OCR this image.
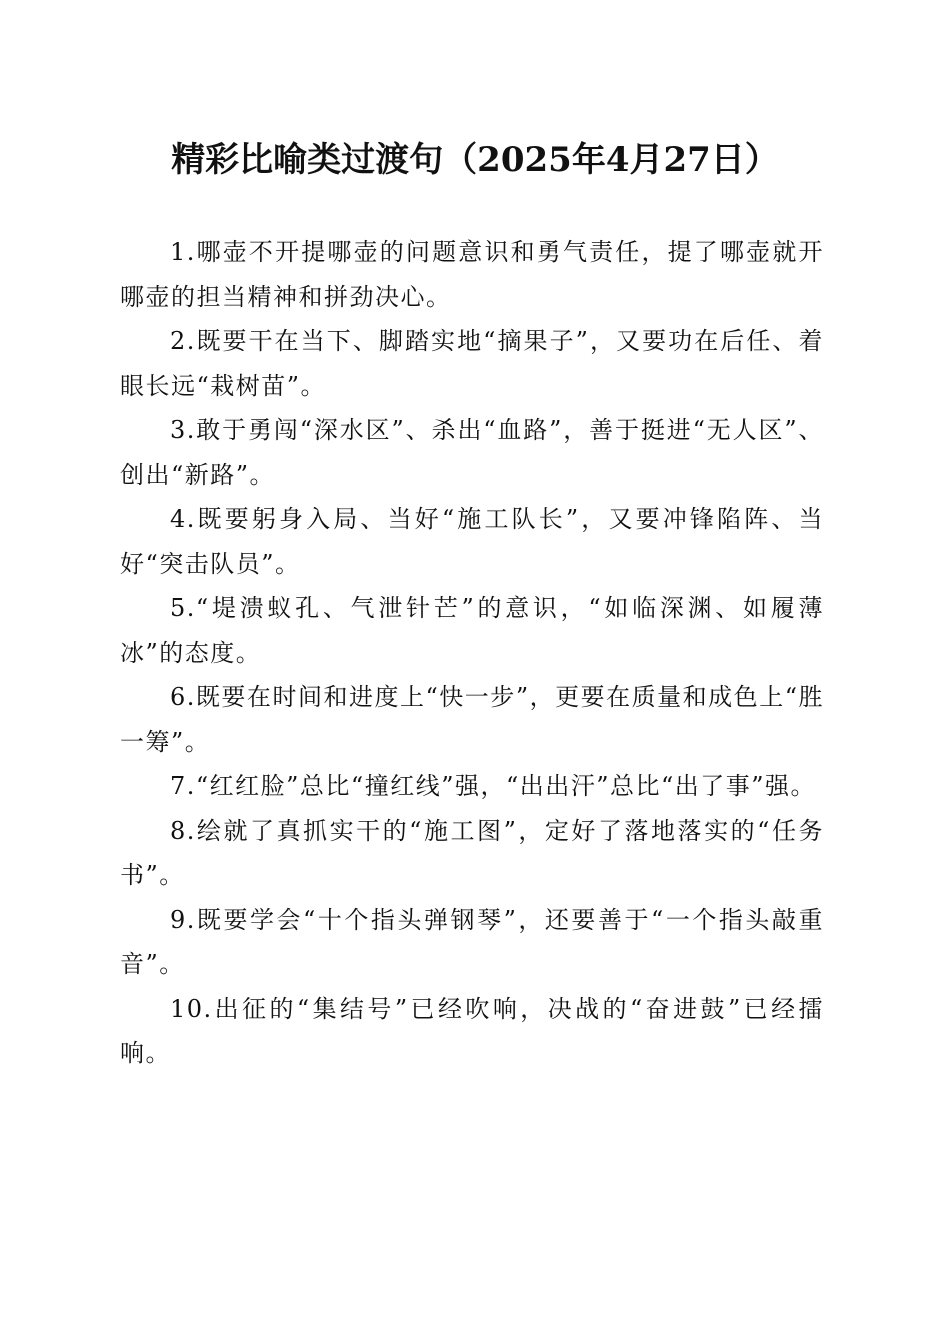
精彩比喻类过渡句（2025年4月27日）

1.哪壶不开提哪壶的问题意识和勇气责任，提了哪壶就开哪壶的担当精神和拼劲决心。

2.既要干在当下、脚踏实地“摘果子”，又要功在后任、着眼长远“栽树苗”。

3.敢于勇闯“深水区”、杀出“血路”，善于挺进“无人区”、创出“新路”。

4.既要躬身入局、当好“施工队长”，又要冲锋陷阵、当好“突击队员”。

5.“堤溃蚁孔、气泄针芒”的意识，“如临深渊、如履薄冰”的态度。

6.既要在时间和进度上“快一步”，更要在质量和成色上“胜一筹”。

7.“红红脸”总比“撞红线”强，“出出汗”总比“出了事”强。

8.绘就了真抓实干的“施工图”，定好了落地落实的“任务书”。

9.既要学会“十个指头弹钢琴”，还要善于“一个指头敲重音”。

10.出征的“集结号”已经吹响，决战的“奋进鼓”已经擂响。
